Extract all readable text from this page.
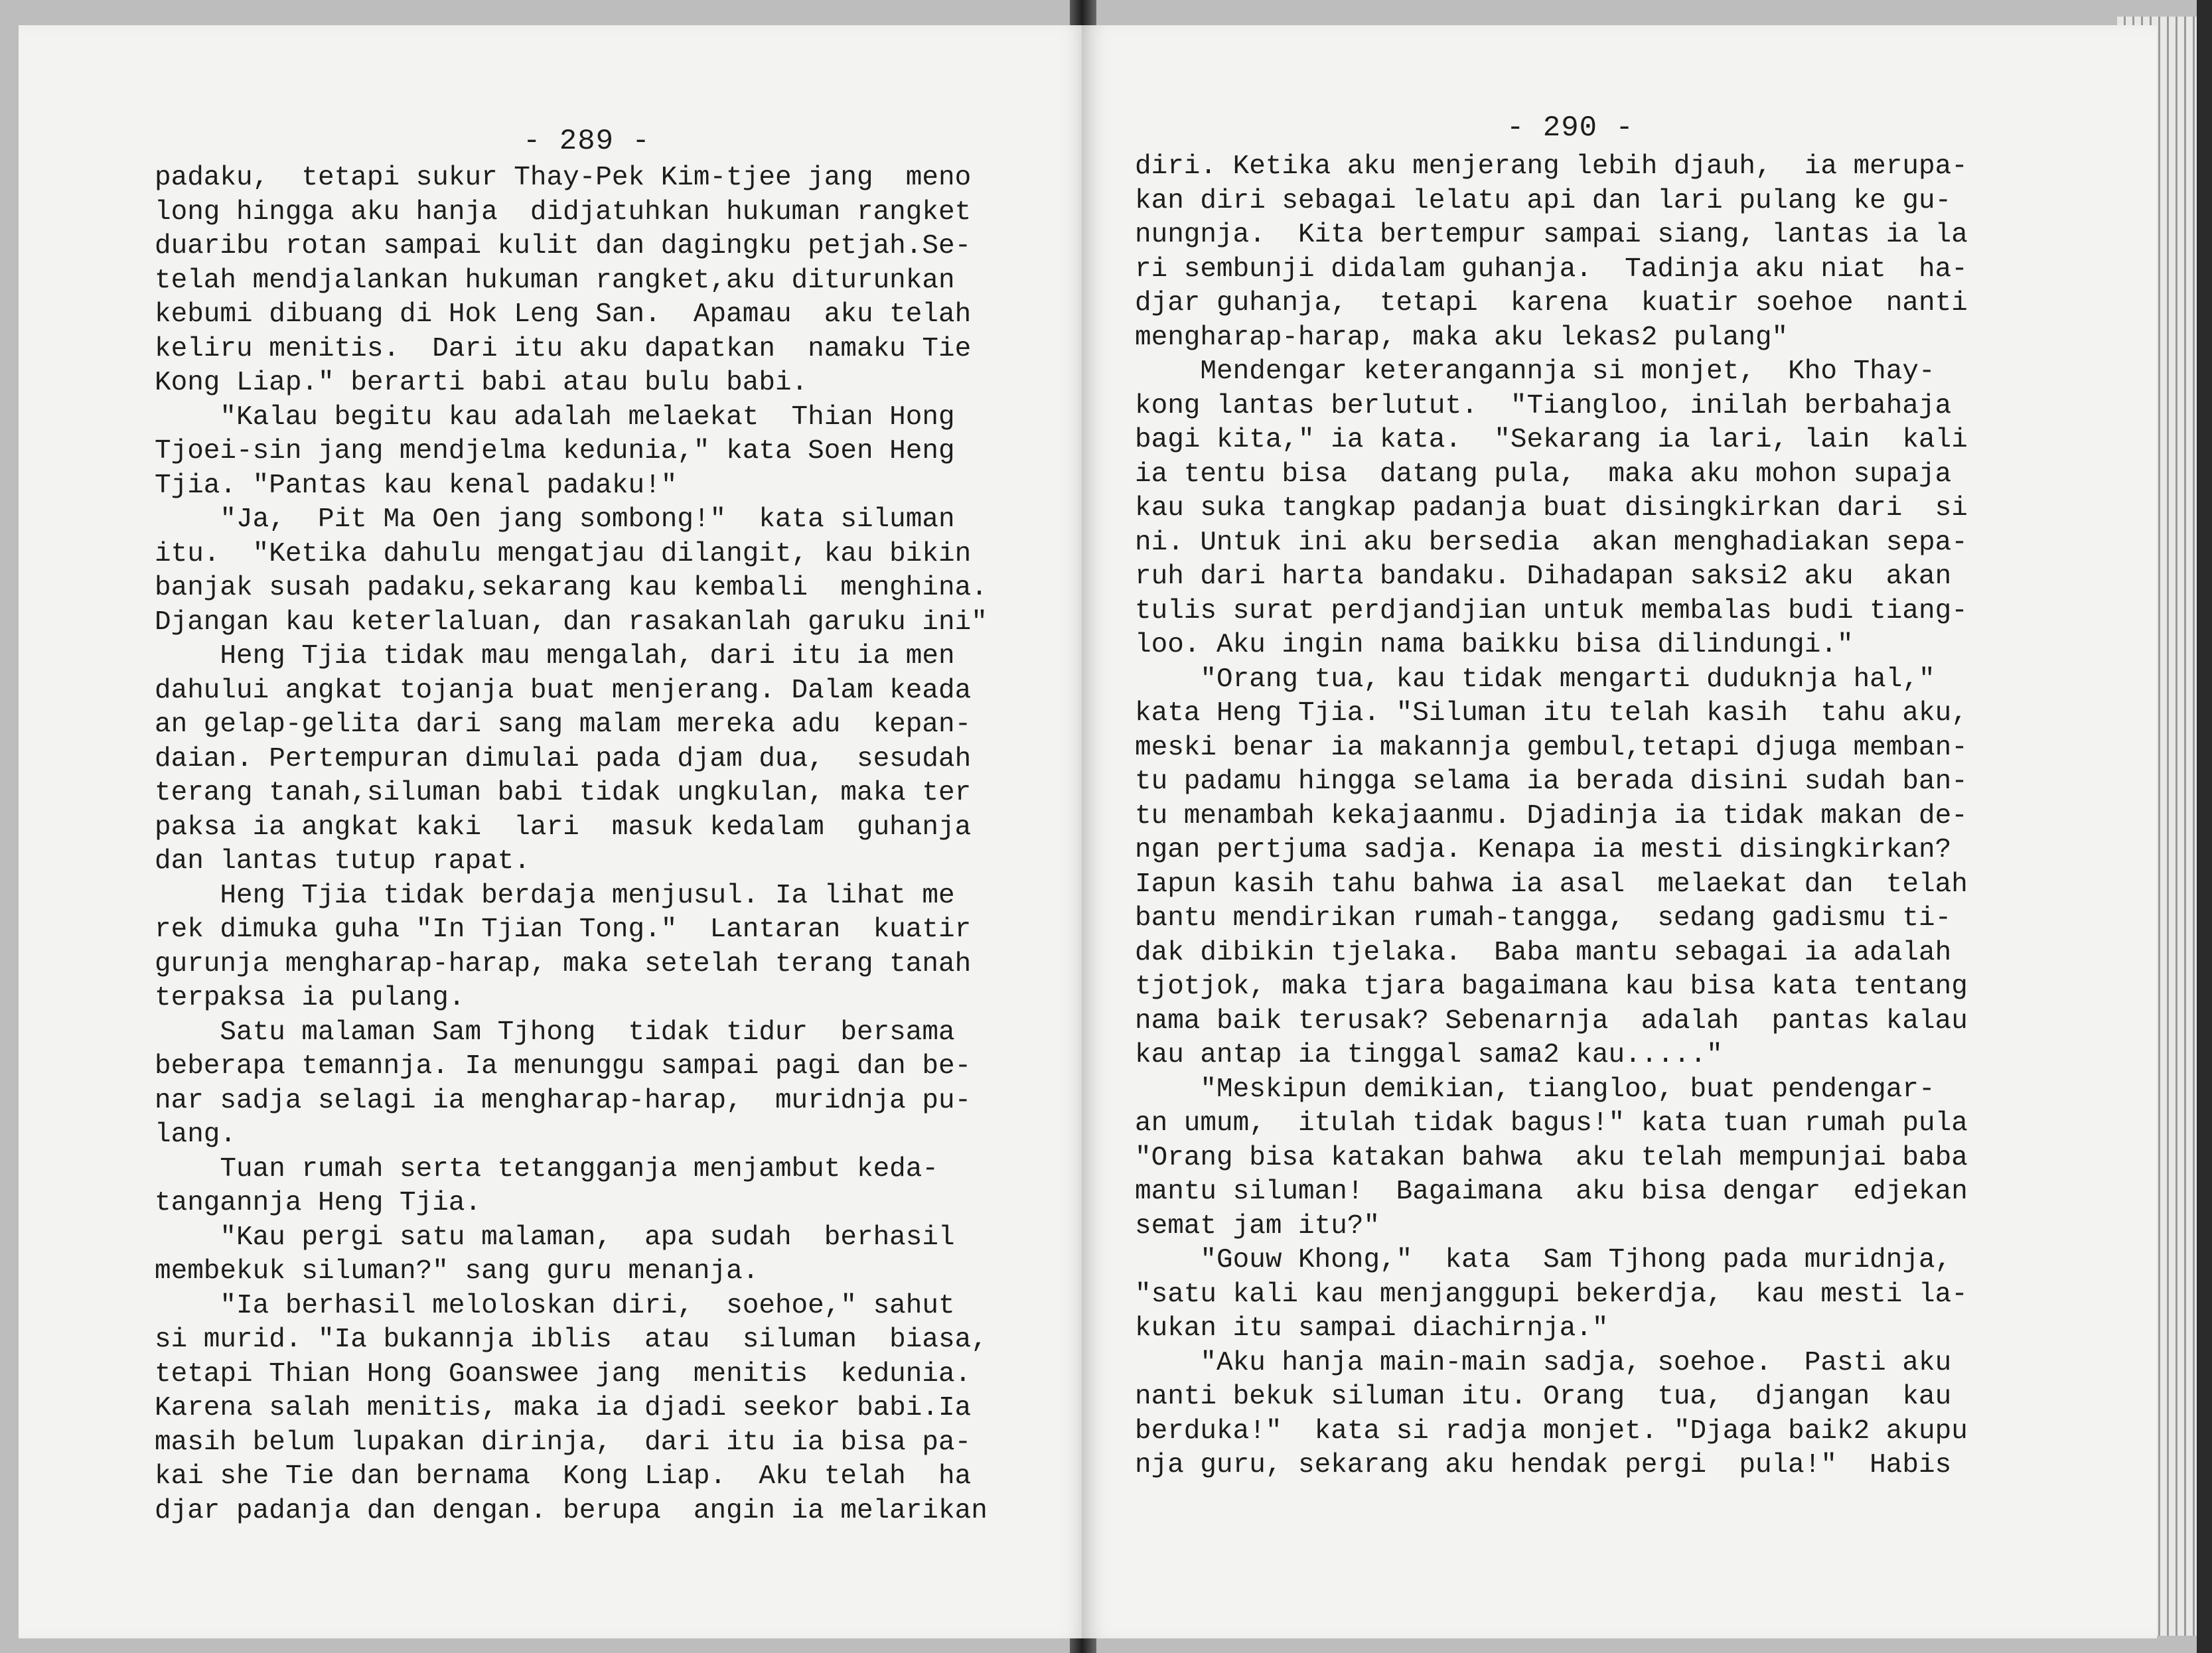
- 289 -
padaku,  tetapi sukur Thay-Pek Kim-tjee jang  meno
long hingga aku hanja  didjatuhkan hukuman rangket
duaribu rotan sampai kulit dan dagingku petjah.Se-
telah mendjalankan hukuman rangket,aku diturunkan
kebumi dibuang di Hok Leng San.  Apamau  aku telah
keliru menitis.  Dari itu aku dapatkan  namaku Tie
Kong Liap." berarti babi atau bulu babi.
"Kalau begitu kau adalah melaekat  Thian Hong
Tjoei-sin jang mendjelma kedunia," kata Soen Heng
Tjia. "Pantas kau kenal padaku!"
"Ja,  Pit Ma Oen jang sombong!"  kata siluman
itu.  "Ketika dahulu mengatjau dilangit, kau bikin
banjak susah padaku,sekarang kau kembali  menghina.
Djangan kau keterlaluan, dan rasakanlah garuku ini"
Heng Tjia tidak mau mengalah, dari itu ia men
dahului angkat tojanja buat menjerang. Dalam keada
an gelap-gelita dari sang malam mereka adu  kepan-
daian. Pertempuran dimulai pada djam dua,  sesudah
terang tanah,siluman babi tidak ungkulan, maka ter
paksa ia angkat kaki  lari  masuk kedalam  guhanja
dan lantas tutup rapat.
Heng Tjia tidak berdaja menjusul. Ia lihat me
rek dimuka guha "In Tjian Tong."  Lantaran  kuatir
gurunja mengharap-harap, maka setelah terang tanah
terpaksa ia pulang.
Satu malaman Sam Tjhong  tidak tidur  bersama
beberapa temannja. Ia menunggu sampai pagi dan be-
nar sadja selagi ia mengharap-harap,  muridnja pu-
lang.
Tuan rumah serta tetangganja menjambut keda-
tangannja Heng Tjia.
"Kau pergi satu malaman,  apa sudah  berhasil
membekuk siluman?" sang guru menanja.
"Ia berhasil meloloskan diri,  soehoe," sahut
si murid. "Ia bukannja iblis  atau  siluman  biasa,
tetapi Thian Hong Goanswee jang  menitis  kedunia.
Karena salah menitis, maka ia djadi seekor babi.Ia
masih belum lupakan dirinja,  dari itu ia bisa pa-
kai she Tie dan bernama  Kong Liap.  Aku telah  ha
djar padanja dan dengan. berupa  angin ia melarikan
- 290 -
diri. Ketika aku menjerang lebih djauh,  ia merupa-
kan diri sebagai lelatu api dan lari pulang ke gu-
nungnja.  Kita bertempur sampai siang, lantas ia la
ri sembunji didalam guhanja.  Tadinja aku niat  ha-
djar guhanja,  tetapi  karena  kuatir soehoe  nanti
mengharap-harap, maka aku lekas2 pulang"
Mendengar keterangannja si monjet,  Kho Thay-
kong lantas berlutut.  "Tiangloo, inilah berbahaja
bagi kita," ia kata.  "Sekarang ia lari, lain  kali
ia tentu bisa  datang pula,  maka aku mohon supaja
kau suka tangkap padanja buat disingkirkan dari  si
ni. Untuk ini aku bersedia  akan menghadiakan sepa-
ruh dari harta bandaku. Dihadapan saksi2 aku  akan
tulis surat perdjandjian untuk membalas budi tiang-
loo. Aku ingin nama baikku bisa dilindungi."
"Orang tua, kau tidak mengarti duduknja hal,"
kata Heng Tjia. "Siluman itu telah kasih  tahu aku,
meski benar ia makannja gembul,tetapi djuga memban-
tu padamu hingga selama ia berada disini sudah ban-
tu menambah kekajaanmu. Djadinja ia tidak makan de-
ngan pertjuma sadja. Kenapa ia mesti disingkirkan?
Iapun kasih tahu bahwa ia asal  melaekat dan  telah
bantu mendirikan rumah-tangga,  sedang gadismu ti-
dak dibikin tjelaka.  Baba mantu sebagai ia adalah
tjotjok, maka tjara bagaimana kau bisa kata tentang
nama baik terusak? Sebenarnja  adalah  pantas kalau
kau antap ia tinggal sama2 kau....."
"Meskipun demikian, tiangloo, buat pendengar-
an umum,  itulah tidak bagus!" kata tuan rumah pula
"Orang bisa katakan bahwa  aku telah mempunjai baba
mantu siluman!  Bagaimana  aku bisa dengar  edjekan
semat jam itu?"
"Gouw Khong,"  kata  Sam Tjhong pada muridnja,
"satu kali kau menjanggupi bekerdja,  kau mesti la-
kukan itu sampai diachirnja."
"Aku hanja main-main sadja, soehoe.  Pasti aku
nanti bekuk siluman itu. Orang  tua,  djangan  kau
berduka!"  kata si radja monjet. "Djaga baik2 akupu
nja guru, sekarang aku hendak pergi  pula!"  Habis
